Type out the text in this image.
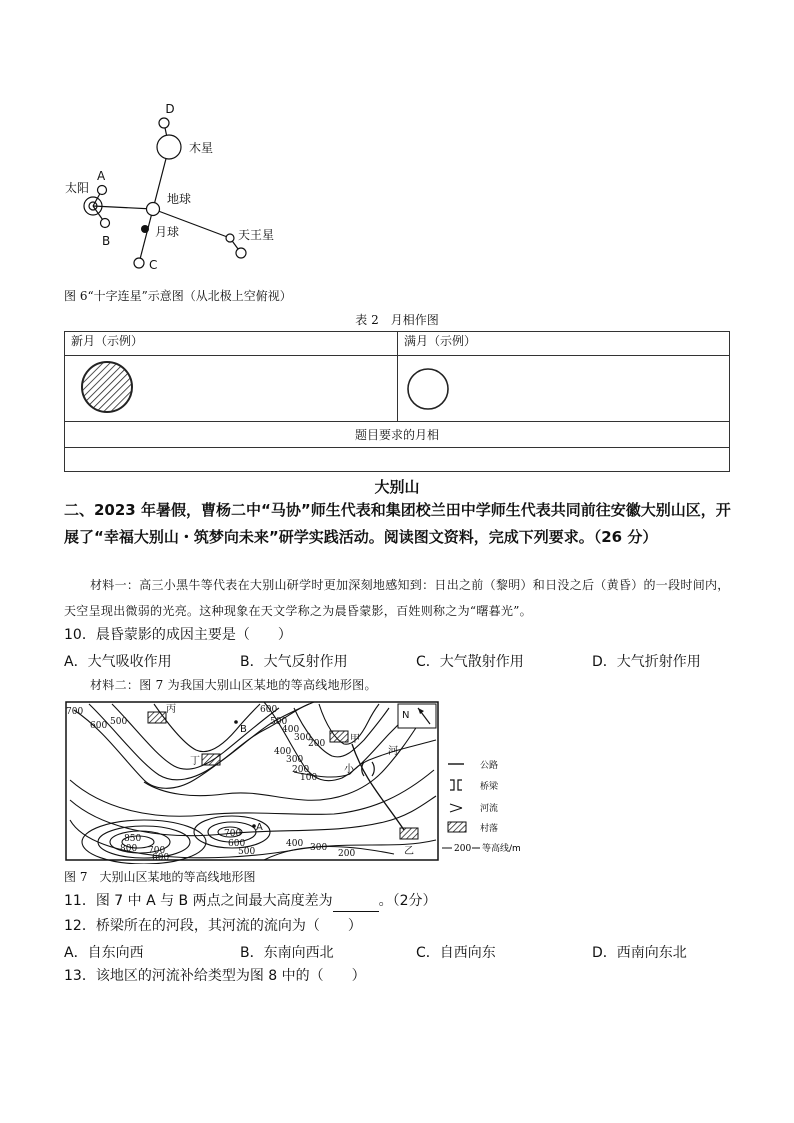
D
木星
A
太阳
地球
B
月球	天王星
C
图 6“十字连星”示意图（从北极上空俯视）
表 2　月相作图
新月（示例）	满月（示例）

题目要求的月相	

大别山
二、2023 年暑假，曹杨二中“马协”师生代表和集团校兰田中学师生代表共同前往安徽大别山区，开展了“幸福大别山・筑梦向未来”研学实践活动。阅读图文资料，完成下列要求。（26 分）
材料一：高三小黑牛等代表在大别山研学时更加深刻地感知到：日出之前（黎明）和日没之后（黄昏）的一段时间内，天空呈现出微弱的光亮。这种现象在天文学称之为晨昏蒙影，百姓则称之为“曙暮光”。
10．晨昏蒙影的成因主要是（　　）
A．大气吸收作用	B．大气反射作用	C．大气散射作用	D．大气折射作用
材料二：图 7 为我国大别山区某地的等高线地形图。
700
600 500
600
400
300
200
100
500
400
300
200
850
800 700
600
700
600
500
400 300
200
丙
B
甲
丁
河
小
A
乙
N
公路
桥梁
河流
村落
200 等高线/m
图 7　大别山区某地的等高线地形图
11．图 7 中 A 与 B 两点之间最大高度差为	。（2分）
12．桥梁所在的河段，其河流的流向为（　　）
A．自东向西	B．东南向西北	C．自西向东	D．西南向东北
13．该地区的河流补给类型为图 8 中的（　　）
